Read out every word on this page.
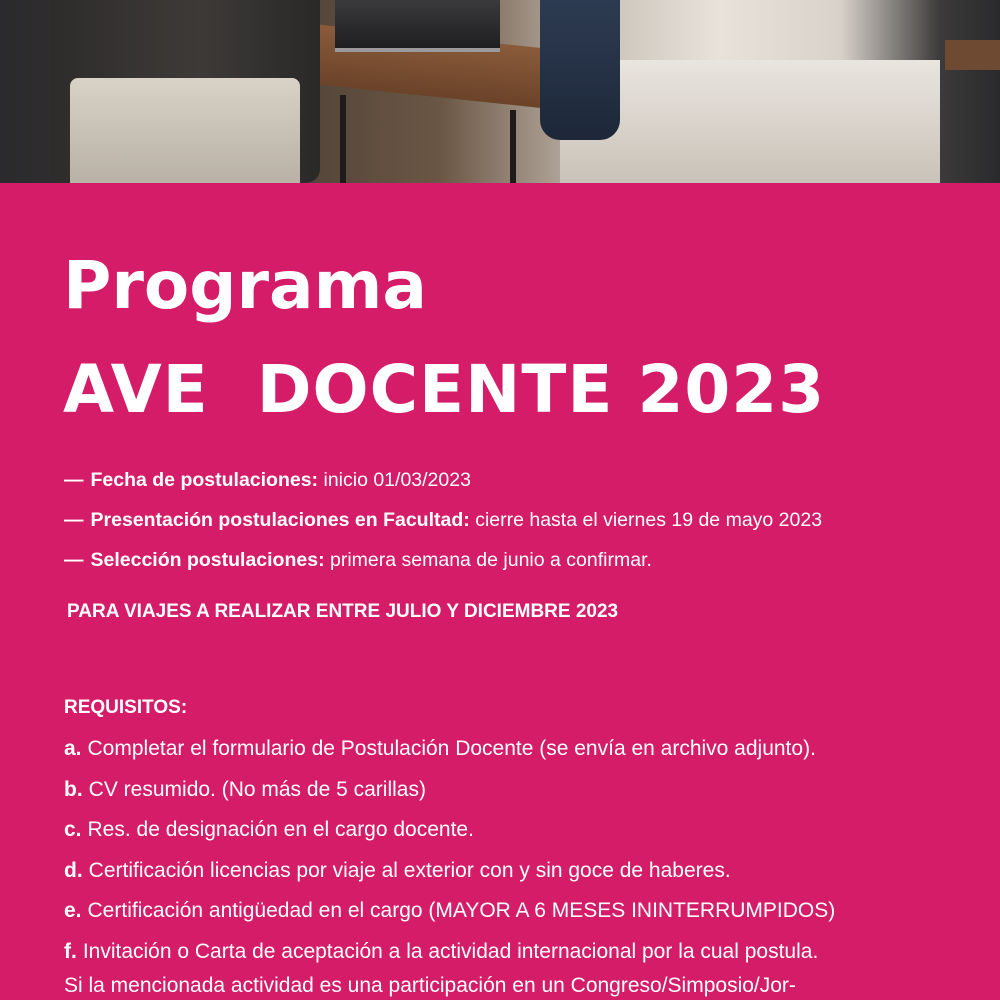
Programa
AVE  DOCENTE 2023

— Fecha de postulaciones: inicio 01/03/2023

— Presentación postulaciones en Facultad: cierre hasta el viernes 19 de mayo 2023

— Selección postulaciones: primera semana de junio a confirmar.

PARA VIAJES A REALIZAR ENTRE JULIO Y DICIEMBRE 2023
REQUISITOS:
a. Completar el formulario de Postulación Docente (se envía en archivo adjunto).
b. CV resumido. (No más de 5 carillas)
c. Res. de designación en el cargo docente.
d. Certificación licencias por viaje al exterior con y sin goce de haberes.
e. Certificación antigüedad en el cargo (MAYOR A 6 MESES ININTERRUMPIDOS)
f. Invitación o Carta de aceptación a la actividad internacional por la cual postula.
Si la mencionada actividad es una participación en un Congreso/Simposio/Jor-
